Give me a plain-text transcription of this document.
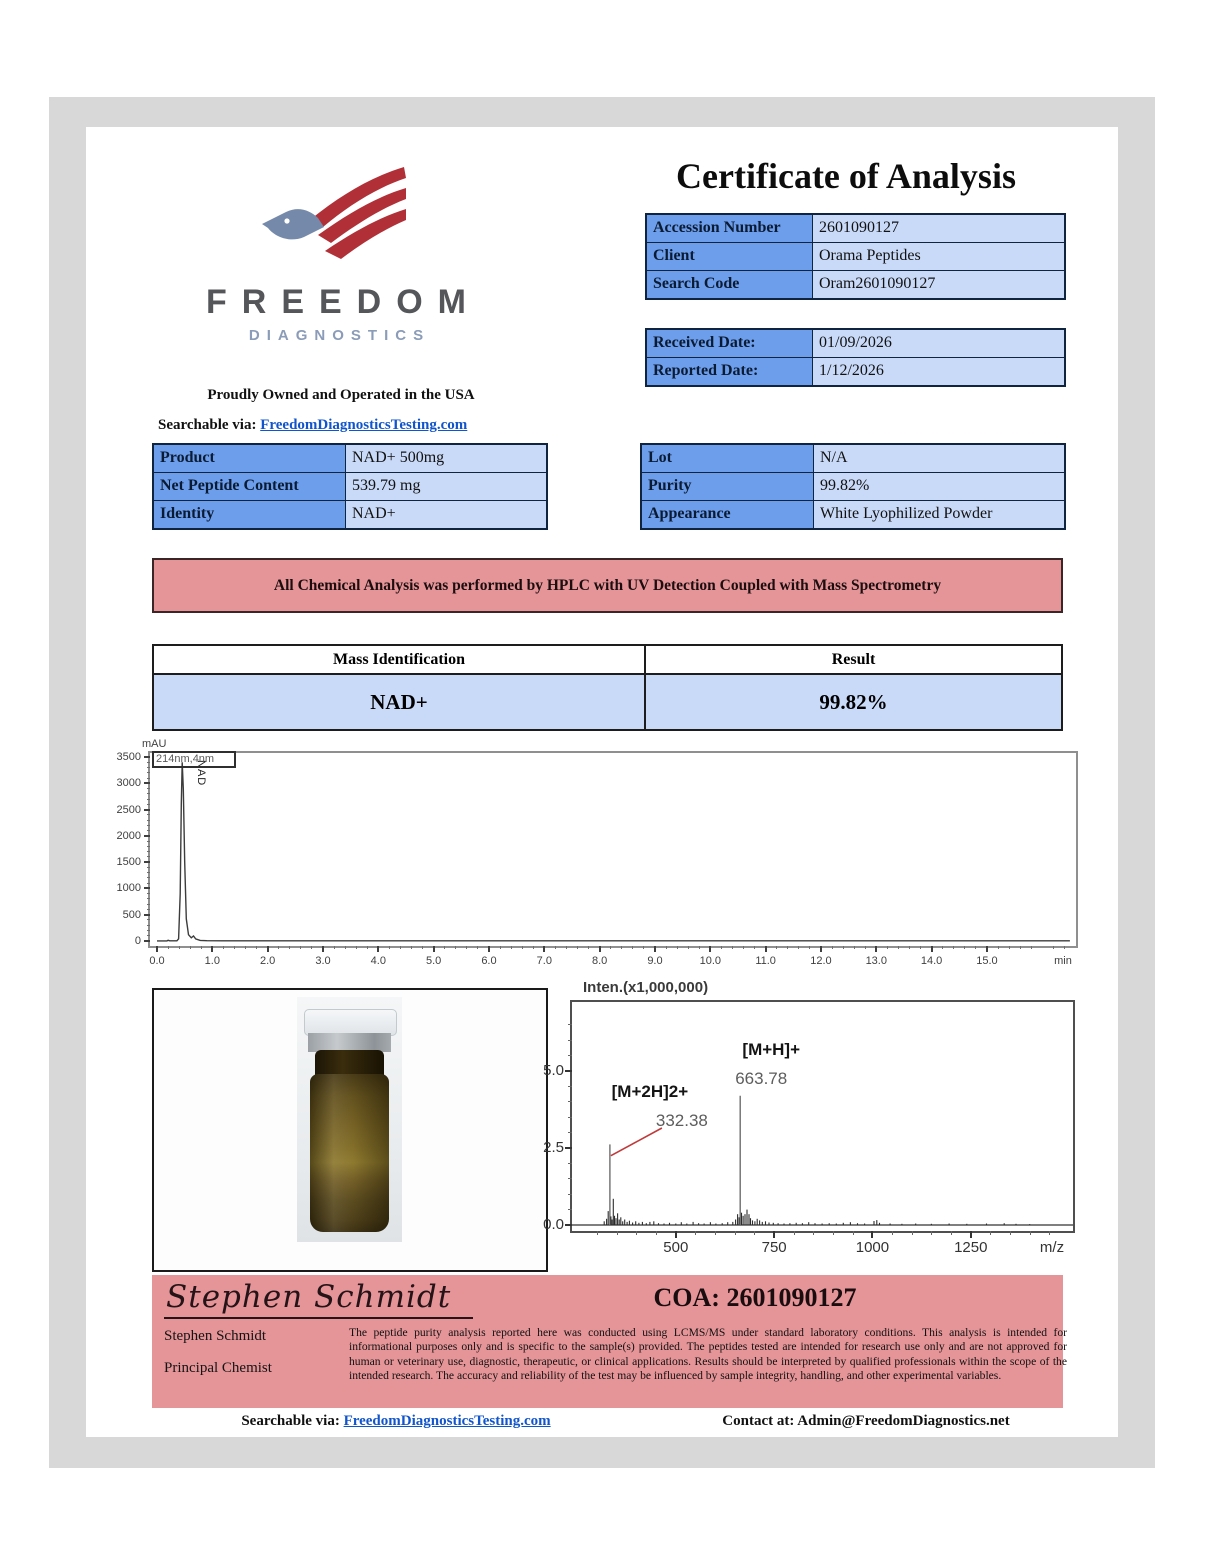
FREEDOM
DIAGNOSTICS
Proudly Owned and Operated in the USA
Searchable via: FreedomDiagnosticsTesting.com
Certificate of Analysis
Accession Number	2601090127
Client	Orama Peptides
Search Code	Oram2601090127
Received Date:	01/09/2026
Reported Date:	1/12/2026
Product	NAD+ 500mg
Net Peptide Content	539.79 mg
Identity	NAD+
Lot	N/A
Purity	99.82%
Appearance	White Lyophilized Powder
All Chemical Analysis was performed by HPLC with UV Detection Coupled with Mass Spectrometry
Mass Identification	Result
NAD+	99.82%
mAU
214nm,4nm
NAD
min
0
500
1000
1500
2000
2500
3000
3500
0.0	1.0	2.0	3.0	4.0	5.0	6.0	7.0	8.0	9.0	10.0	11.0	12.0	13.0	14.0	15.0
Inten.(x1,000,000)
m/z
0.0
2.5
5.0
500	750	1000	1250
[M+2H]2+
332.38
[M+H]+
663.78
Stephen Schmidt
Stephen Schmidt
Principal Chemist
COA: 2601090127
The peptide purity analysis reported here was conducted using LCMS/MS under standard laboratory conditions. This analysis is intended for informational purposes only and is specific to the sample(s) provided. The peptides tested are intended for research use only and are not approved for human or veterinary use, diagnostic, therapeutic, or clinical applications. Results should be interpreted by qualified professionals within the scope of the intended research. The accuracy and reliability of the test may be influenced by sample integrity, handling, and other experimental variables.
Searchable via: FreedomDiagnosticsTesting.com	Contact at: Admin@FreedomDiagnostics.net
